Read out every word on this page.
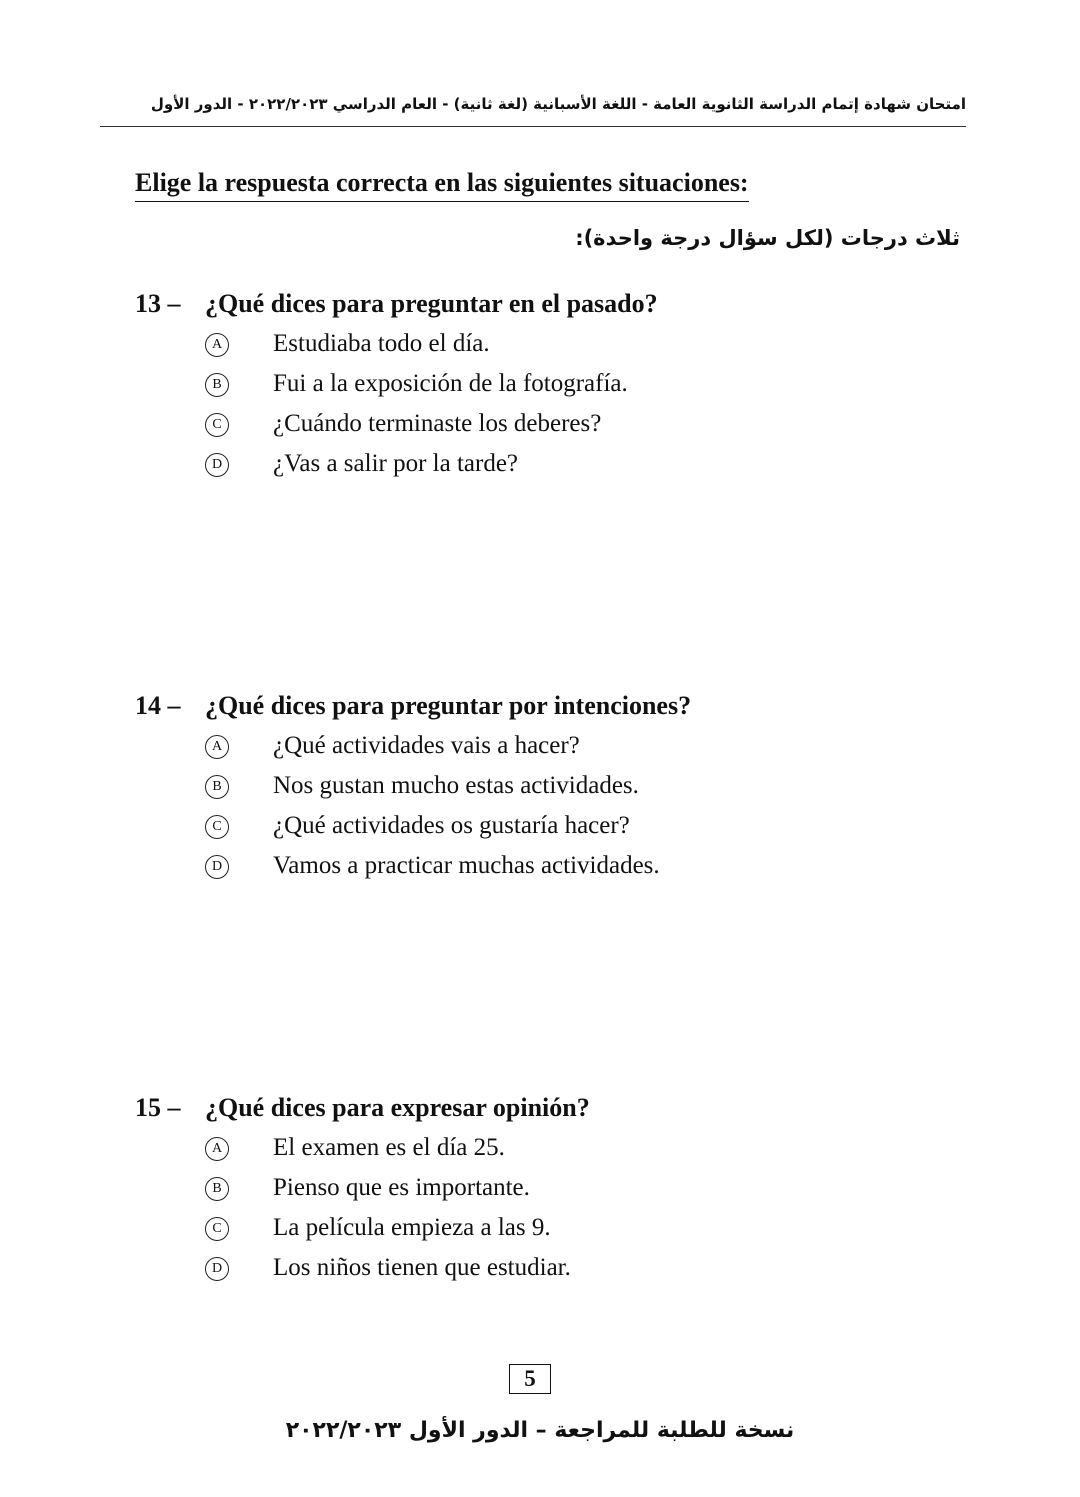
امتحان شهادة إتمام الدراسة الثانوية العامة - اللغة الأسبانية (لغة ثانية) - العام الدراسي ٢٠٢٢/٢٠٢٣ - الدور الأول
Elige la respuesta correcta en las siguientes situaciones:
ثلاث درجات (لكل سؤال درجة واحدة):
13 – ¿Qué dices para preguntar en el pasado?
A Estudiaba todo el día.
B Fui a la exposición de la fotografía.
C ¿Cuándo terminaste los deberes?
D ¿Vas a salir por la tarde?
14 – ¿Qué dices para preguntar por intenciones?
A ¿Qué actividades vais a hacer?
B Nos gustan mucho estas actividades.
C ¿Qué actividades os gustaría hacer?
D Vamos a practicar muchas actividades.
15 – ¿Qué dices para expresar opinión?
A El examen es el día 25.
B Pienso que es importante.
C La película empieza a las 9.
D Los niños tienen que estudiar.
5
نسخة للطلبة للمراجعة – الدور الأول ٢٠٢٢/٢٠٢٣
